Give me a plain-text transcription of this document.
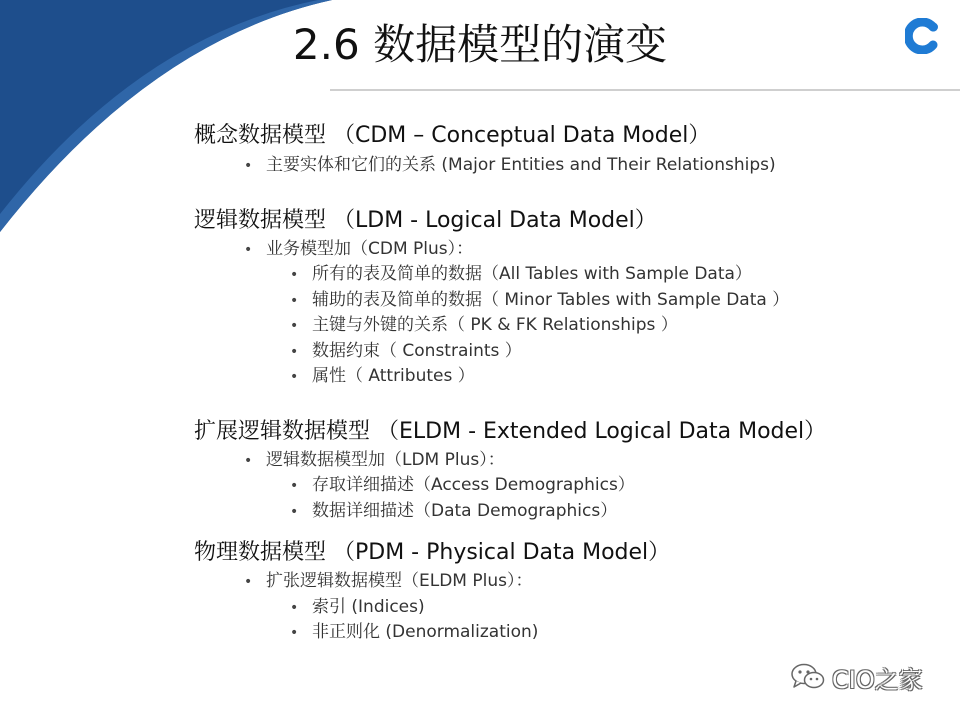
2.6 数据模型的演变
概念数据模型 （CDM – Conceptual Data Model）
• 主要实体和它们的关系 (Major Entities and Their Relationships)
逻辑数据模型 （LDM - Logical Data Model）
• 业务模型加（CDM Plus）：
• 所有的表及简单的数据（All Tables with Sample Data）
• 辅助的表及简单的数据（ Minor Tables with Sample Data ）
• 主键与外键的关系（ PK & FK Relationships ）
• 数据约束（ Constraints ）
• 属性（ Attributes ）
扩展逻辑数据模型 （ELDM - Extended Logical Data Model）
• 逻辑数据模型加（LDM Plus）：
• 存取详细描述（Access Demographics）
• 数据详细描述（Data Demographics）
物理数据模型 （PDM - Physical Data Model）
• 扩张逻辑数据模型（ELDM Plus）：
• 索引 (Indices)
• 非正则化 (Denormalization)
CIO之家
